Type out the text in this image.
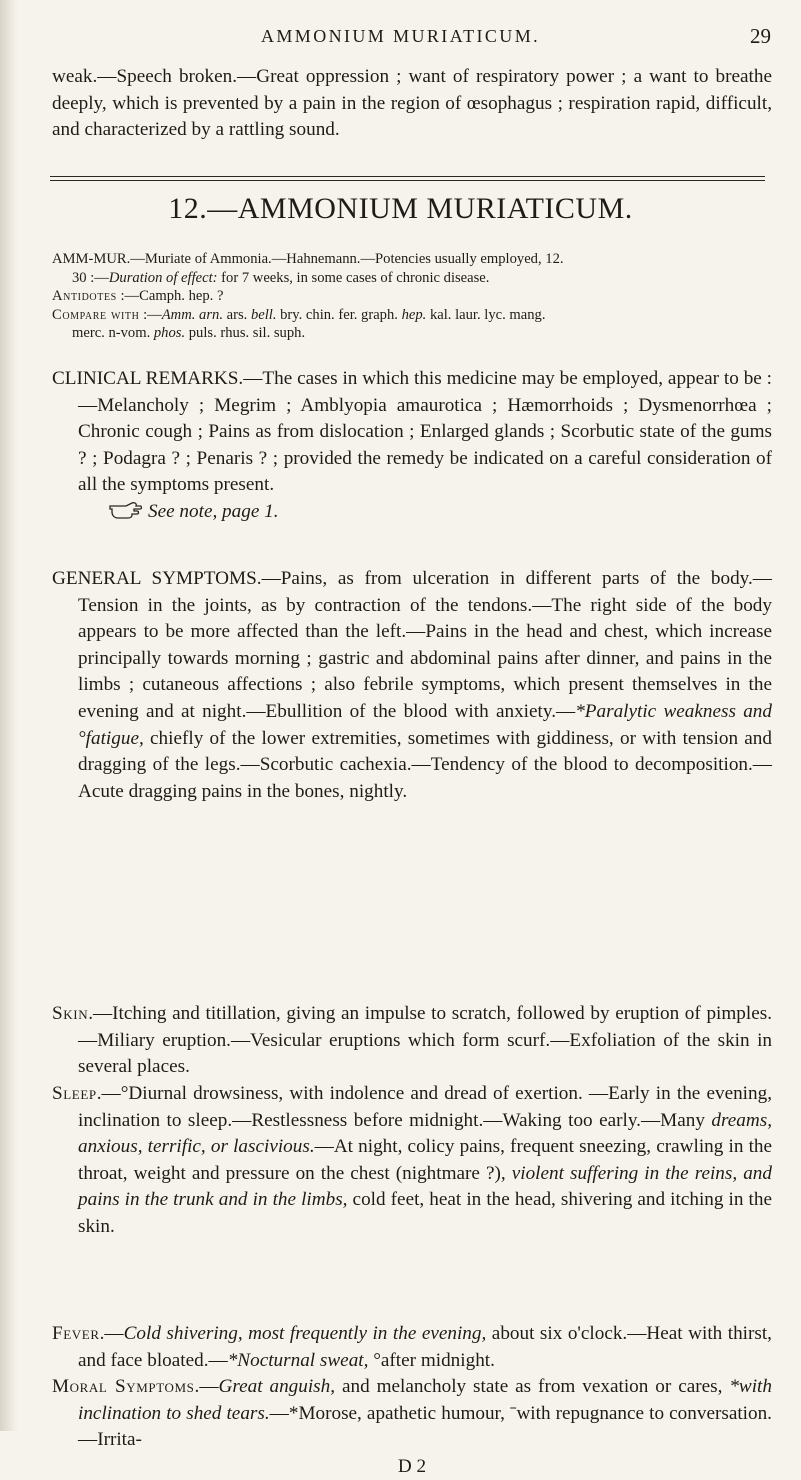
AMMONIUM MURIATICUM.	29

weak.—Speech broken.—Great oppression ; want of respiratory power ; a want to breathe deeply, which is prevented by a pain in the region of œsophagus ; respiration rapid, difficult, and characterized by a rattling sound.

12.—AMMONIUM MURIATICUM.
AMM-MUR.—Muriate of Ammonia.—Hahnemann.—Potencies usually employed, 12.
30 :—Duration of effect: for 7 weeks, in some cases of chronic disease.
Antidotes :—Camph. hep. ?
Compare with :—Amm. arn. ars. bell. bry. chin. fer. graph. hep. kal. laur. lyc. mang.
merc. n-vom. phos. puls. rhus. sil. suph.

CLINICAL REMARKS.—The cases in which this medicine may be employed, appear to be :—Melancholy ; Megrim ; Amblyopia amaurotica ; Hæmorrhoids ; Dysmenorrhœa ; Chronic cough ; Pains as from dislocation ; Enlarged glands ; Scorbutic state of the gums ? ; Podagra ? ; Penaris ? ; provided the remedy be indicated on a careful consideration of all the symptoms present.

See note, page 1.

GENERAL SYMPTOMS.—Pains, as from ulceration in different parts of the body.—Tension in the joints, as by contraction of the tendons.—The right side of the body appears to be more affected than the left.—Pains in the head and chest, which increase principally towards morning ; gastric and abdominal pains after dinner, and pains in the limbs ; cutaneous affections ; also febrile symptoms, which present themselves in the evening and at night.—Ebullition of the blood with anxiety.—*Paralytic weakness and °fatigue, chiefly of the lower extremities, sometimes with giddiness, or with tension and dragging of the legs.—Scorbutic cachexia.—Tendency of the blood to decomposition.—Acute dragging pains in the bones, nightly.

Skin.—Itching and titillation, giving an impulse to scratch, followed by eruption of pimples.—Miliary eruption.—Vesicular eruptions which form scurf.—Exfoliation of the skin in several places.

Sleep.—°Diurnal drowsiness, with indolence and dread of exertion. —Early in the evening, inclination to sleep.—Restlessness before midnight.—Waking too early.—Many dreams, anxious, terrific, or lascivious.—At night, colicy pains, frequent sneezing, crawling in the throat, weight and pressure on the chest (nightmare ?), violent suffering in the reins, and pains in the trunk and in the limbs, cold feet, heat in the head, shivering and itching in the skin.

Fever.—Cold shivering, most frequently in the evening, about six o'clock.—Heat with thirst, and face bloated.—*Nocturnal sweat, °after midnight.

Moral Symptoms.—Great anguish, and melancholy state as from vexation or cares, *with inclination to shed tears.—*Morose, apathetic humour, ˉwith repugnance to conversation.—Irrita-
D 2
